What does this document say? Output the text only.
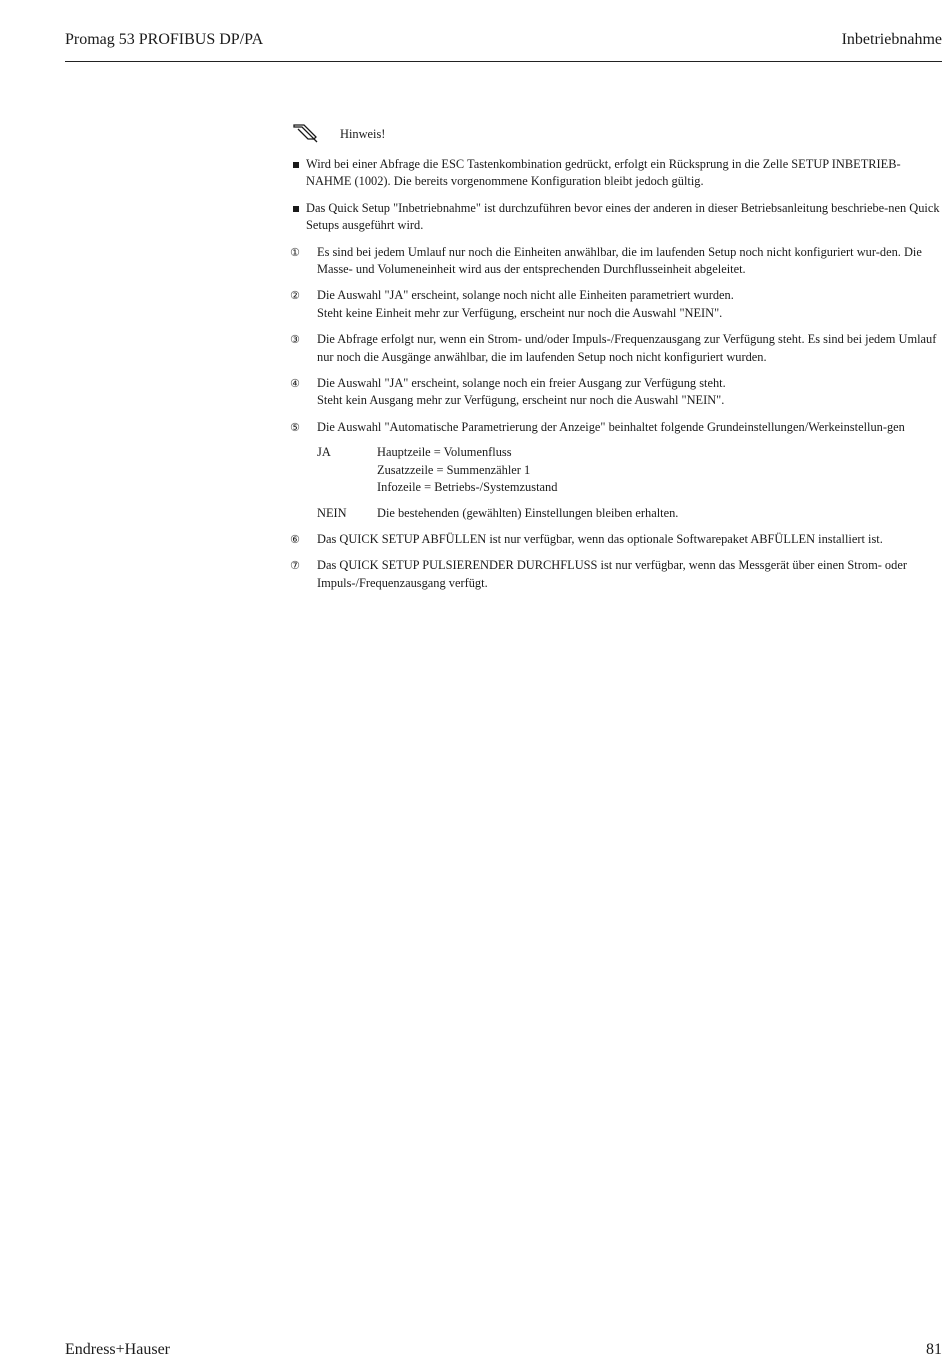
Promag 53 PROFIBUS DP/PA	Inbetriebnahme
Hinweis!
Wird bei einer Abfrage die ESC Tastenkombination gedrückt, erfolgt ein Rücksprung in die Zelle SETUP INBETRIEB-NAHME (1002). Die bereits vorgenommene Konfiguration bleibt jedoch gültig.
Das Quick Setup "Inbetriebnahme" ist durchzuführen bevor eines der anderen in dieser Betriebsanleitung beschriebe-nen Quick Setups ausgeführt wird.
① Es sind bei jedem Umlauf nur noch die Einheiten anwählbar, die im laufenden Setup noch nicht konfiguriert wur-den. Die Masse- und Volumeneinheit wird aus der entsprechenden Durchflusseinheit abgeleitet.
② Die Auswahl "JA" erscheint, solange noch nicht alle Einheiten parametriert wurden.
Steht keine Einheit mehr zur Verfügung, erscheint nur noch die Auswahl "NEIN".
③ Die Abfrage erfolgt nur, wenn ein Strom- und/oder Impuls-/Frequenzausgang zur Verfügung steht. Es sind bei jedem Umlauf nur noch die Ausgänge anwählbar, die im laufenden Setup noch nicht konfiguriert wurden.
④ Die Auswahl "JA" erscheint, solange noch ein freier Ausgang zur Verfügung steht.
Steht kein Ausgang mehr zur Verfügung, erscheint nur noch die Auswahl "NEIN".
⑤ Die Auswahl "Automatische Parametrierung der Anzeige" beinhaltet folgende Grundeinstellungen/Werkeinstellun-gen
JA	Hauptzeile = Volumenfluss
Zusatzzeile = Summenzähler 1
Infozeile = Betriebs-/Systemzustand
NEIN Die bestehenden (gewählten) Einstellungen bleiben erhalten.
⑥ Das QUICK SETUP ABFÜLLEN ist nur verfügbar, wenn das optionale Softwarepaket ABFÜLLEN installiert ist.
⑦ Das QUICK SETUP PULSIERENDER DURCHFLUSS ist nur verfügbar, wenn das Messgerät über einen Strom- oder Impuls-/Frequenzausgang verfügt.
Endress+Hauser	81
